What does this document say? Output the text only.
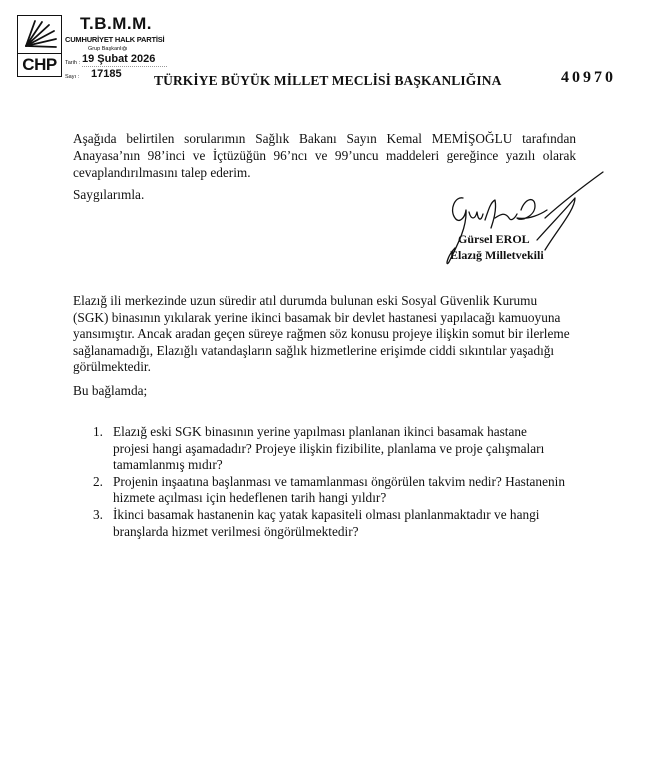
CHP
T.B.M.M.
CUMHURİYET HALK PARTİSİ
Grup Başkanlığı
Tarih : 19 Şubat 2026
Sayı : 17185 TÜRKİYE BÜYÜK MİLLET MECLİSİ BAŞKANLIĞINA	40970
Aşağıda belirtilen sorularımın Sağlık Bakanı Sayın Kemal MEMİŞOĞLU tarafından
Anayasa’nın 98’inci ve İçtüzüğün 96’ncı ve 99’uncu maddeleri gereğince yazılı olarak
cevaplandırılmasını talep ederim.
Saygılarımla.
Gürsel EROL
Elazığ Milletvekili
Elazığ ili merkezinde uzun süredir atıl durumda bulunan eski Sosyal Güvenlik Kurumu
(SGK) binasının yıkılarak yerine ikinci basamak bir devlet hastanesi yapılacağı kamuoyuna
yansımıştır. Ancak aradan geçen süreye rağmen söz konusu projeye ilişkin somut bir ilerleme
sağlanamadığı, Elazığlı vatandaşların sağlık hizmetlerine erişimde ciddi sıkıntılar yaşadığı
görülmektedir.
Bu bağlamda;
1. Elazığ eski SGK binasının yerine yapılması planlanan ikinci basamak hastane
projesi hangi aşamadadır? Projeye ilişkin fizibilite, planlama ve proje çalışmaları
tamamlanmış mıdır?
2. Projenin inşaatına başlanması ve tamamlanması öngörülen takvim nedir? Hastanenin
hizmete açılması için hedeflenen tarih hangi yıldır?
3. İkinci basamak hastanenin kaç yatak kapasiteli olması planlanmaktadır ve hangi
branşlarda hizmet verilmesi öngörülmektedir?
